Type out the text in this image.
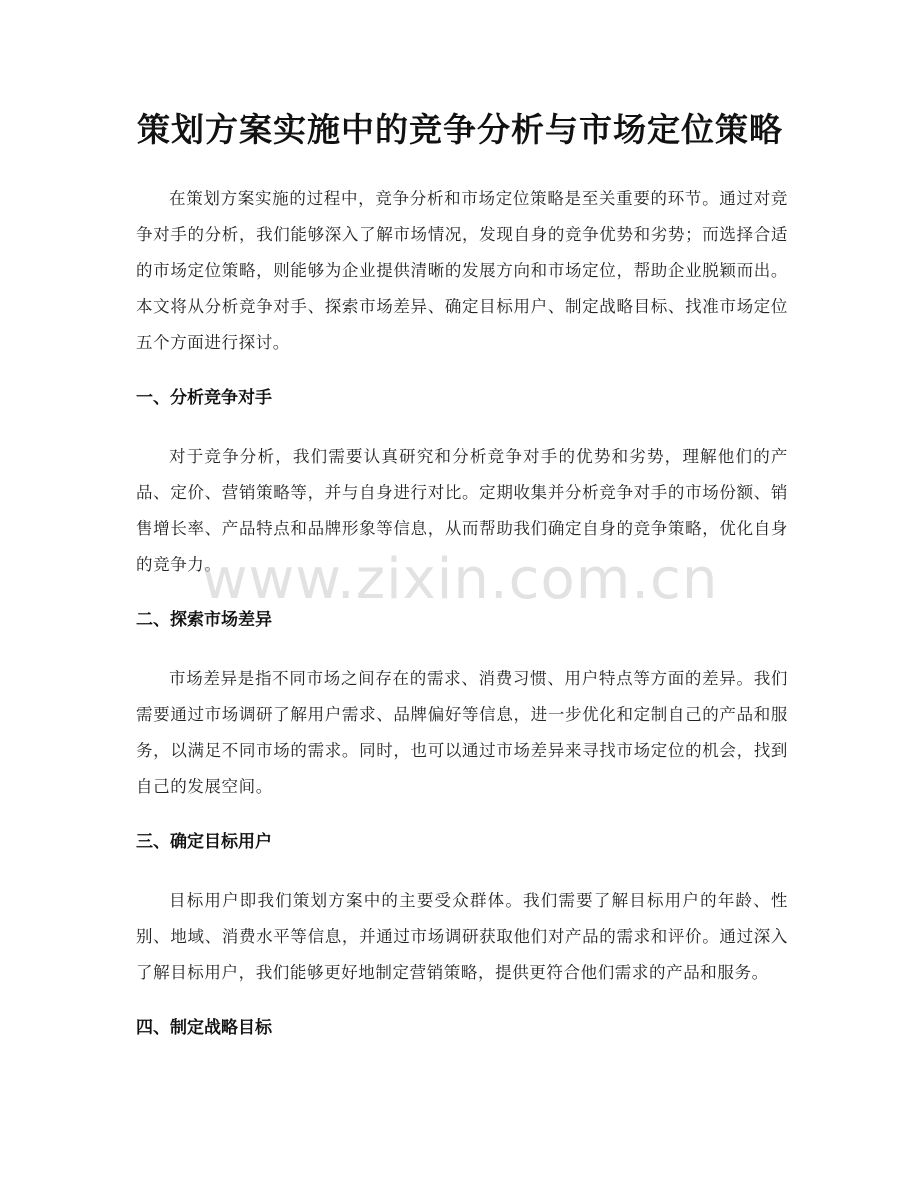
策划方案实施中的竞争分析与市场定位策略

在策划方案实施的过程中，竞争分析和市场定位策略是至关重要的环节。通过对竞争对手的分析，我们能够深入了解市场情况，发现自身的竞争优势和劣势；而选择合适的市场定位策略，则能够为企业提供清晰的发展方向和市场定位，帮助企业脱颖而出。本文将从分析竞争对手、探索市场差异、确定目标用户、制定战略目标、找准市场定位五个方面进行探讨。

一、分析竞争对手

对于竞争分析，我们需要认真研究和分析竞争对手的优势和劣势，理解他们的产品、定价、营销策略等，并与自身进行对比。定期收集并分析竞争对手的市场份额、销售增长率、产品特点和品牌形象等信息，从而帮助我们确定自身的竞争策略，优化自身的竞争力。

二、探索市场差异

市场差异是指不同市场之间存在的需求、消费习惯、用户特点等方面的差异。我们需要通过市场调研了解用户需求、品牌偏好等信息，进一步优化和定制自己的产品和服务，以满足不同市场的需求。同时，也可以通过市场差异来寻找市场定位的机会，找到自己的发展空间。

三、确定目标用户

目标用户即我们策划方案中的主要受众群体。我们需要了解目标用户的年龄、性别、地域、消费水平等信息，并通过市场调研获取他们对产品的需求和评价。通过深入了解目标用户，我们能够更好地制定营销策略，提供更符合他们需求的产品和服务。

四、制定战略目标
www.zixin.com.cn
